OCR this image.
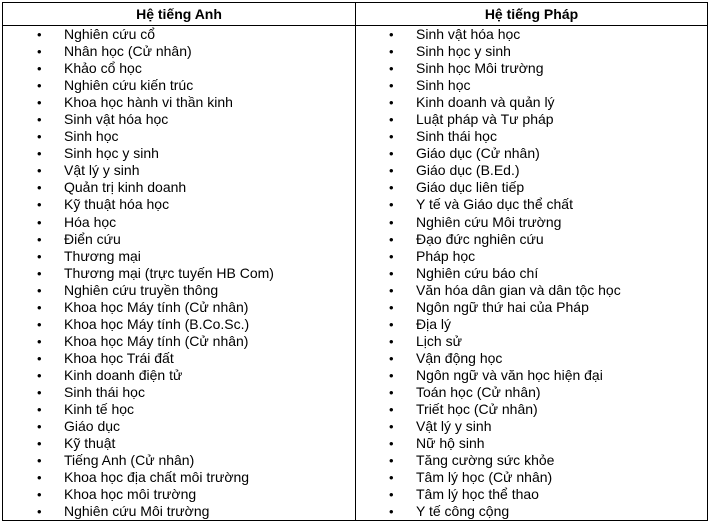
Hệ tiếng Anh
• Nghiên cứu cổ
• Nhân học (Cử nhân)
• Khảo cổ học
• Nghiên cứu kiến trúc
• Khoa học hành vi thần kinh
• Sinh vật hóa học
• Sinh học
• Sinh học y sinh
• Vật lý y sinh
• Quản trị kinh doanh
• Kỹ thuật hóa học
• Hóa học
• Điển cứu
• Thương mại
• Thương mại (trực tuyến HB Com)
• Nghiên cứu truyền thông
• Khoa học Máy tính (Cử nhân)
• Khoa học Máy tính (B.Co.Sc.)
• Khoa học Máy tính (Cử nhân)
• Khoa học Trái đất
• Kinh doanh điện tử
• Sinh thái học
• Kinh tế học
• Giáo dục
• Kỹ thuật
• Tiếng Anh (Cử nhân)
• Khoa học địa chất môi trường
• Khoa học môi trường
• Nghiên cứu Môi trường
Hệ tiếng Pháp
• Sinh vật hóa học
• Sinh học y sinh
• Sinh học Môi trường
• Sinh học
• Kinh doanh và quản lý
• Luật pháp và Tư pháp
• Sinh thái học
• Giáo dục (Cử nhân)
• Giáo dục (B.Ed.)
• Giáo dục liên tiếp
• Y tế và Giáo dục thể chất
• Nghiên cứu Môi trường
• Đạo đức nghiên cứu
• Pháp học
• Nghiên cứu báo chí
• Văn hóa dân gian và dân tộc học
• Ngôn ngữ thứ hai của Pháp
• Địa lý
• Lịch sử
• Vận động học
• Ngôn ngữ và văn học hiện đại
• Toán học (Cử nhân)
• Triết học (Cử nhân)
• Vật lý y sinh
• Nữ hộ sinh
• Tăng cường sức khỏe
• Tâm lý học (Cử nhân)
• Tâm lý học thể thao
• Y tế công cộng
